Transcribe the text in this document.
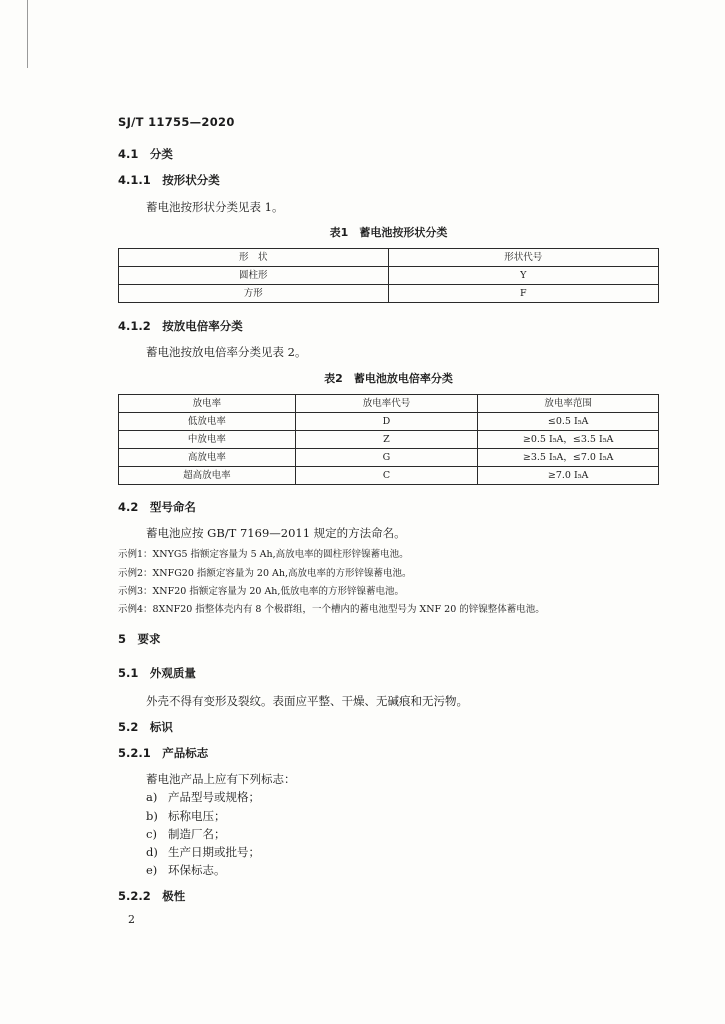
SJ/T 11755—2020
4.1　分类
4.1.1　按形状分类
蓄电池按形状分类见表 1。
表1　蓄电池按形状分类
形　状	形状代号
圆柱形	Y
方形	F
4.1.2　按放电倍率分类
蓄电池按放电倍率分类见表 2。
表2　蓄电池放电倍率分类
放电率	放电率代号	放电率范围
低放电率	D	≤0.5 I₅A
中放电率	Z	≥0.5 I₅A，≤3.5 I₅A
高放电率	G	≥3.5 I₅A，≤7.0 I₅A
超高放电率	C	≥7.0 I₅A
4.2　型号命名
蓄电池应按 GB/T 7169—2011 规定的方法命名。
示例1：XNYG5 指额定容量为 5 Ah,高放电率的圆柱形锌镍蓄电池。
示例2：XNFG20 指额定容量为 20 Ah,高放电率的方形锌镍蓄电池。
示例3：XNF20 指额定容量为 20 Ah,低放电率的方形锌镍蓄电池。
示例4：8XNF20 指整体壳内有 8 个极群组，一个槽内的蓄电池型号为 XNF 20 的锌镍整体蓄电池。
5　要求
5.1　外观质量
外壳不得有变形及裂纹。表面应平整、干燥、无碱痕和无污物。
5.2　标识
5.2.1　产品标志
蓄电池产品上应有下列标志：
a) 产品型号或规格；
b) 标称电压；
c) 制造厂名；
d) 生产日期或批号；
e) 环保标志。
5.2.2　极性
2
